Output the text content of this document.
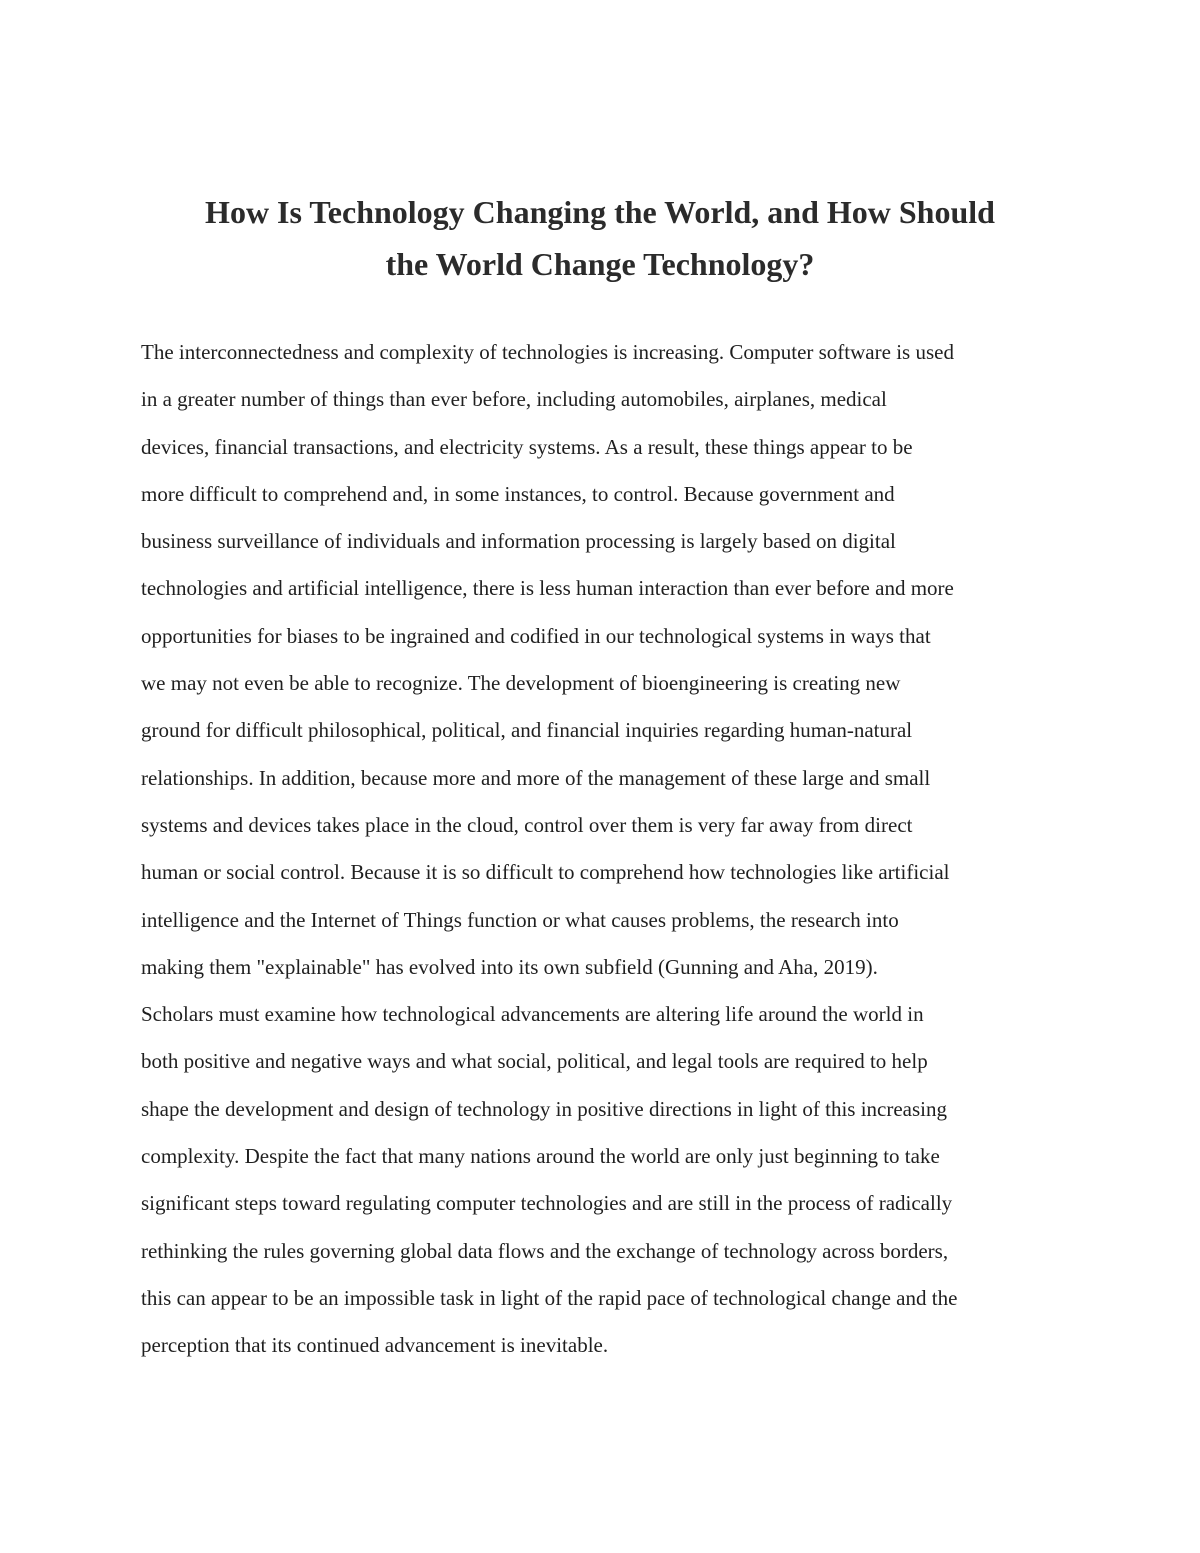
How Is Technology Changing the World, and How Should
the World Change Technology?
The interconnectedness and complexity of technologies is increasing. Computer software is used
in a greater number of things than ever before, including automobiles, airplanes, medical
devices, financial transactions, and electricity systems. As a result, these things appear to be
more difficult to comprehend and, in some instances, to control. Because government and
business surveillance of individuals and information processing is largely based on digital
technologies and artificial intelligence, there is less human interaction than ever before and more
opportunities for biases to be ingrained and codified in our technological systems in ways that
we may not even be able to recognize. The development of bioengineering is creating new
ground for difficult philosophical, political, and financial inquiries regarding human-natural
relationships. In addition, because more and more of the management of these large and small
systems and devices takes place in the cloud, control over them is very far away from direct
human or social control. Because it is so difficult to comprehend how technologies like artificial
intelligence and the Internet of Things function or what causes problems, the research into
making them "explainable" has evolved into its own subfield (Gunning and Aha, 2019).
Scholars must examine how technological advancements are altering life around the world in
both positive and negative ways and what social, political, and legal tools are required to help
shape the development and design of technology in positive directions in light of this increasing
complexity. Despite the fact that many nations around the world are only just beginning to take
significant steps toward regulating computer technologies and are still in the process of radically
rethinking the rules governing global data flows and the exchange of technology across borders,
this can appear to be an impossible task in light of the rapid pace of technological change and the
perception that its continued advancement is inevitable.
